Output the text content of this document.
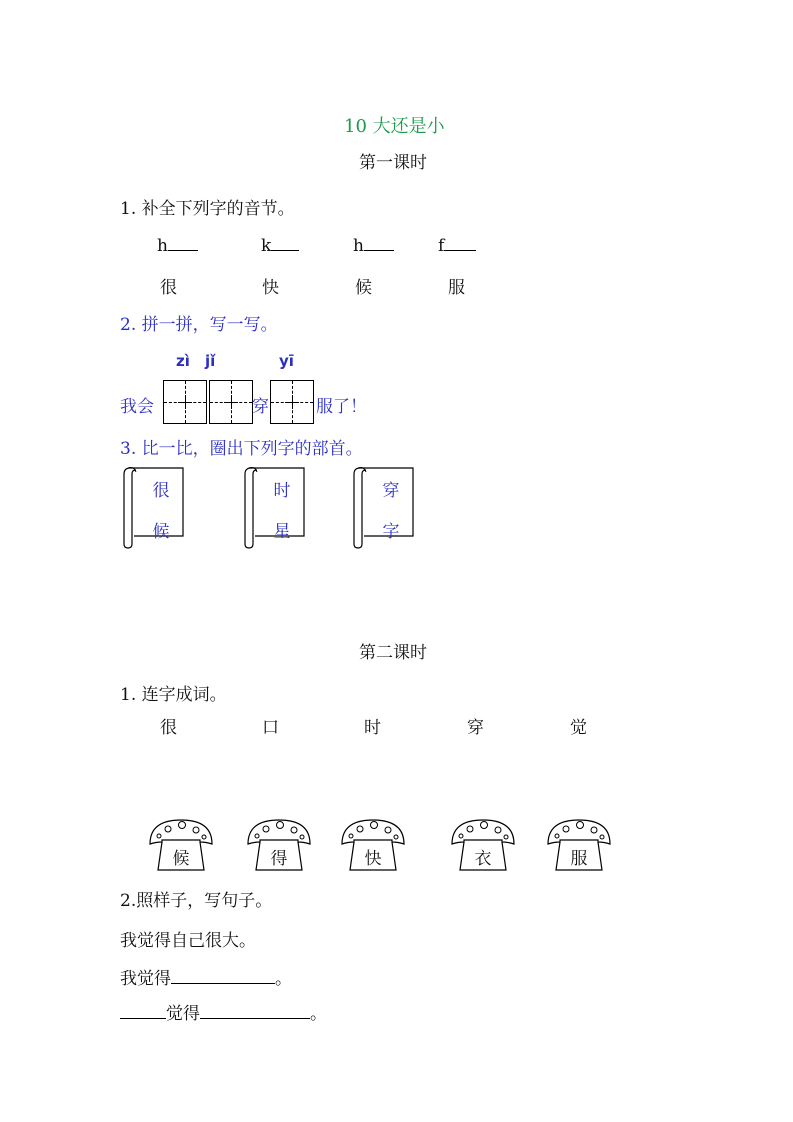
10 大还是小
第一课时
1. 补全下列字的音节。
h	k	h	f
很	快	候	服
2. 拼一拼，写一写。
zì jǐ	yī
我会	穿	服了！
3. 比一比，圈出下列字的部首。
很
候
时
星
穿
字
第二课时
1. 连字成词。
很	口	时	穿	觉
候	得	快	衣	服
2.照样子，写句子。
我觉得自己很大。
我觉得	。
觉得	。
